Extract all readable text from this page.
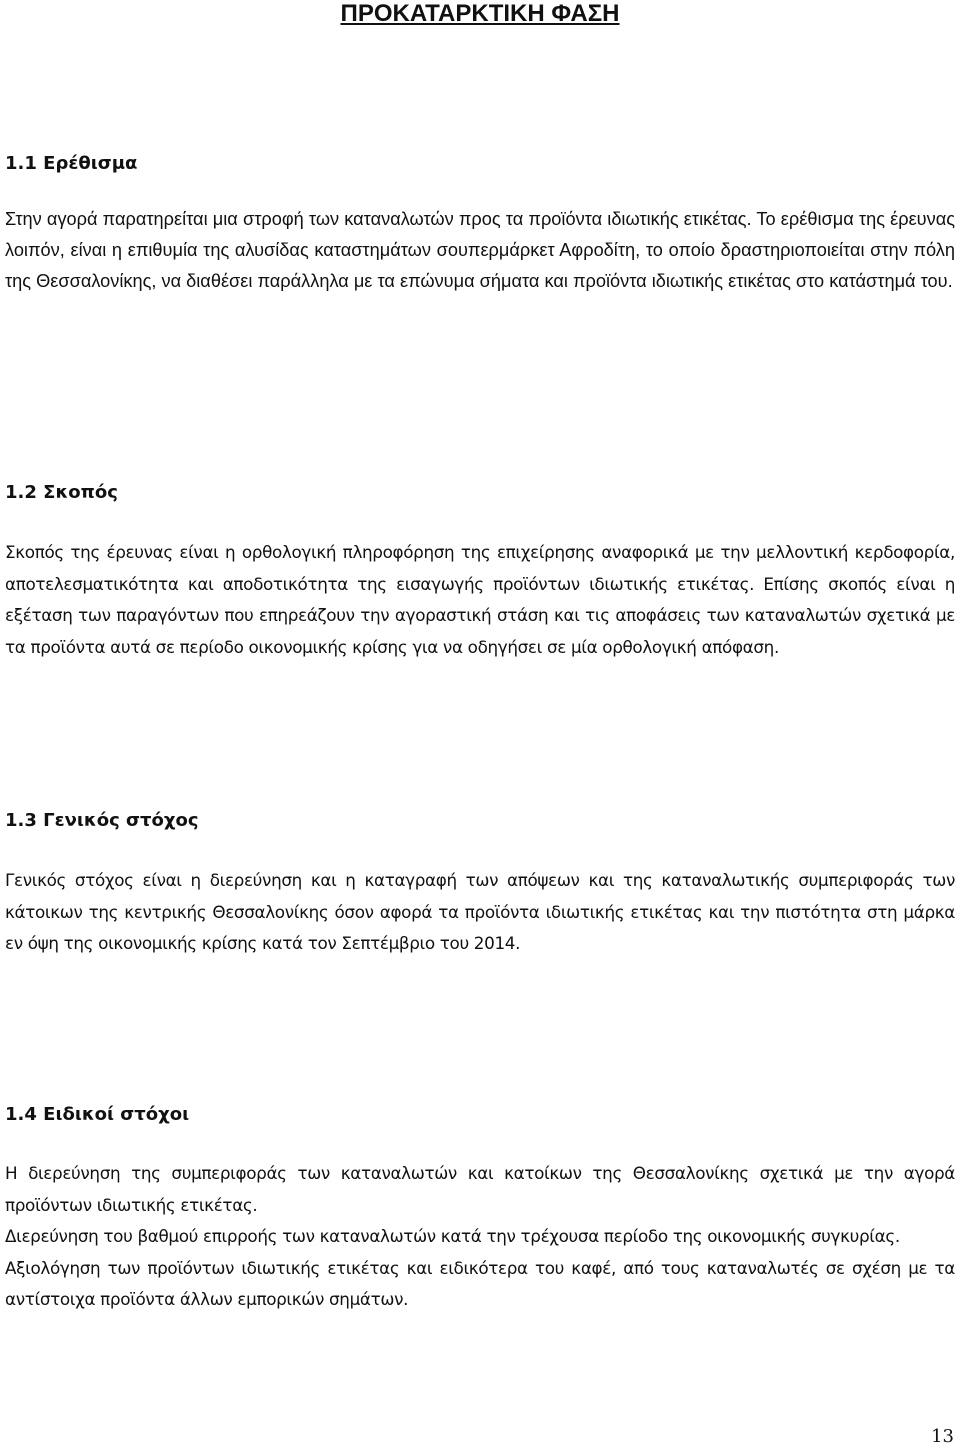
ΠΡΟΚΑΤΑΡΚΤΙΚΗ ΦΑΣΗ
1.1 Ερέθισμα

Στην αγορά παρατηρείται μια στροφή των καταναλωτών προς τα προϊόντα ιδιωτικής ετικέτας. Το ερέθισμα της έρευνας λοιπόν, είναι η επιθυμία της αλυσίδας καταστημάτων σουπερμάρκετ Αφροδίτη, το οποίο δραστηριοποιείται στην πόλη της Θεσσαλονίκης, να διαθέσει παράλληλα με τα επώνυμα σήματα και προϊόντα ιδιωτικής ετικέτας στο κατάστημά του.

1.2 Σκοπός

Σκοπός της έρευνας είναι η ορθολογική πληροφόρηση της επιχείρησης αναφορικά με την μελλοντική κερδοφορία, αποτελεσματικότητα και αποδοτικότητα της εισαγωγής προϊόντων ιδιωτικής ετικέτας. Επίσης σκοπός είναι η εξέταση των παραγόντων που επηρεάζουν την αγοραστική στάση και τις αποφάσεις των καταναλωτών σχετικά με τα προϊόντα αυτά σε περίοδο οικονομικής κρίσης για να οδηγήσει σε μία ορθολογική απόφαση.

1.3 Γενικός στόχος

Γενικός στόχος είναι η διερεύνηση και η καταγραφή των απόψεων και της καταναλωτικής συμπεριφοράς των κάτοικων της κεντρικής Θεσσαλονίκης όσον αφορά τα προϊόντα ιδιωτικής ετικέτας και την πιστότητα στη μάρκα εν όψη της οικονομικής κρίσης κατά τον Σεπτέμβριο του 2014.

1.4 Ειδικοί στόχοι

Η διερεύνηση της συμπεριφοράς των καταναλωτών και κατοίκων της Θεσσαλονίκης σχετικά με την αγορά προϊόντων ιδιωτικής ετικέτας.

Διερεύνηση του βαθμού επιρροής των καταναλωτών κατά την τρέχουσα περίοδο της οικονομικής συγκυρίας.

Αξιολόγηση των προϊόντων ιδιωτικής ετικέτας και ειδικότερα του καφέ, από τους καταναλωτές σε σχέση με τα αντίστοιχα προϊόντα άλλων εμπορικών σημάτων.

13
